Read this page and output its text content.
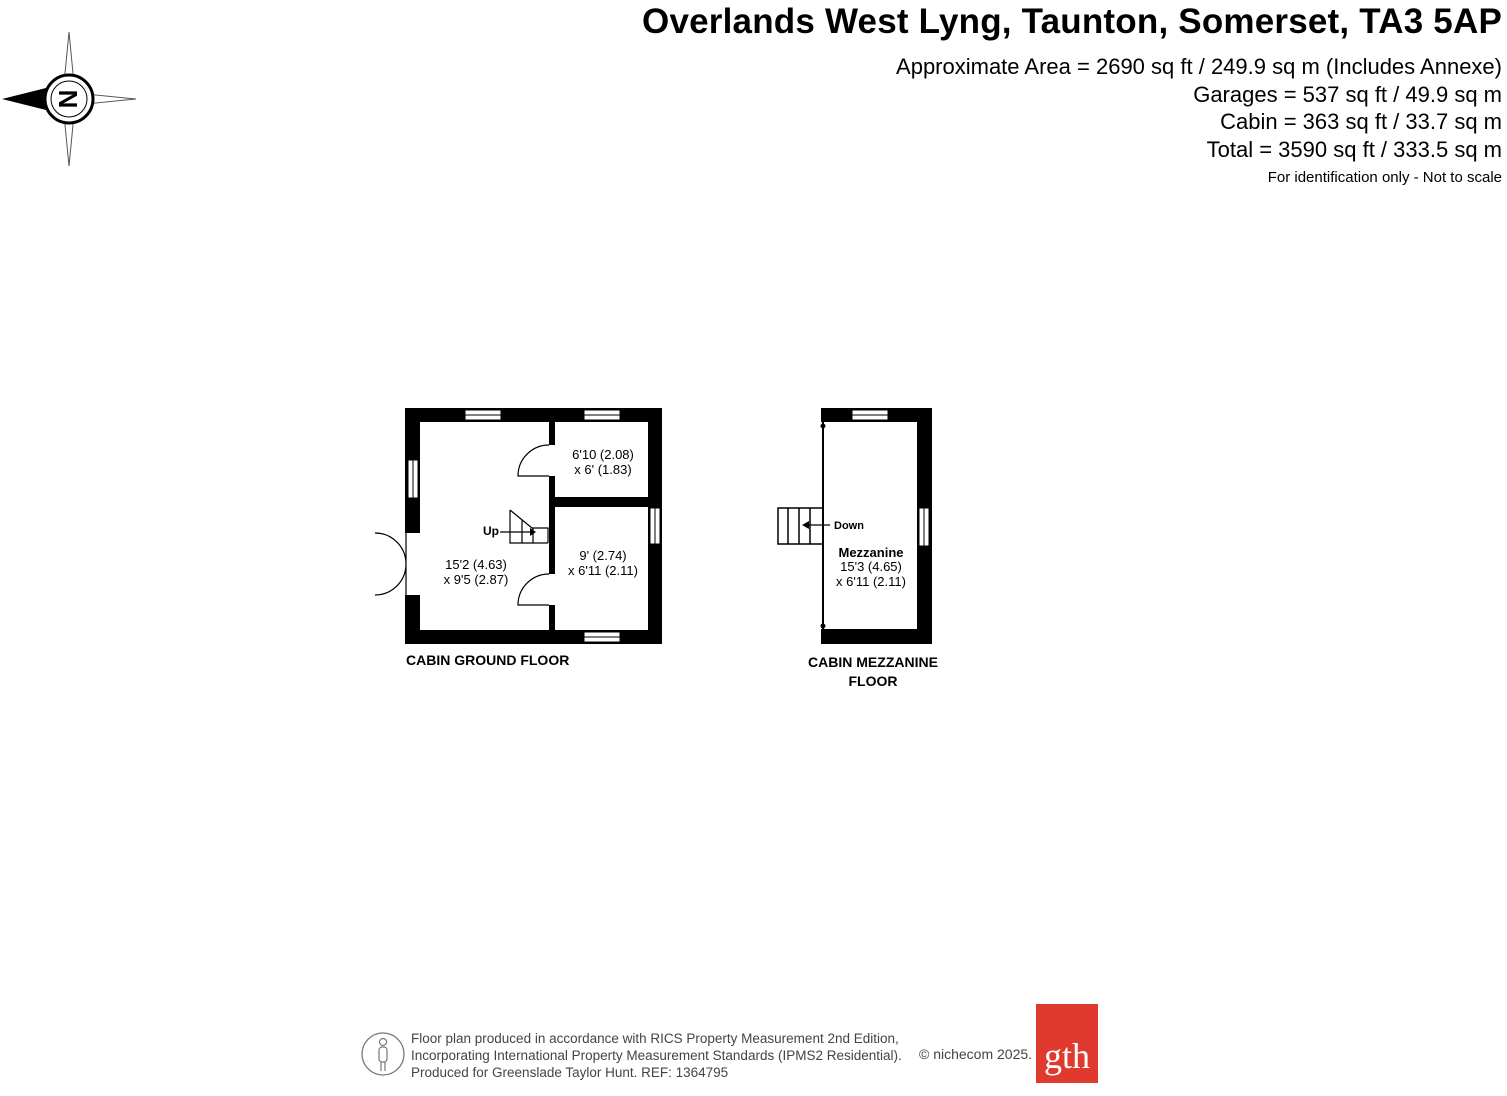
Overlands West Lyng, Taunton, Somerset, TA3 5AP
Approximate Area = 2690 sq ft / 249.9 sq m (Includes Annexe)
Garages = 537 sq ft / 49.9 sq m
Cabin = 363 sq ft / 33.7 sq m
Total = 3590 sq ft / 333.5 sq m
For identification only - Not to scale
N
Up
6'10 (2.08)
x 6' (1.83)
9' (2.74)
x 6'11 (2.11)
15'2 (4.63)
x 9'5 (2.87)
CABIN GROUND FLOOR
Down
Mezzanine
15'3 (4.65)
x 6'11 (2.11)
CABIN MEZZANINE
FLOOR
Floor plan produced in accordance with RICS Property Measurement 2nd Edition,
Incorporating International Property Measurement Standards (IPMS2 Residential).
Produced for Greenslade Taylor Hunt. REF: 1364795
© nichecom 2025. gth
